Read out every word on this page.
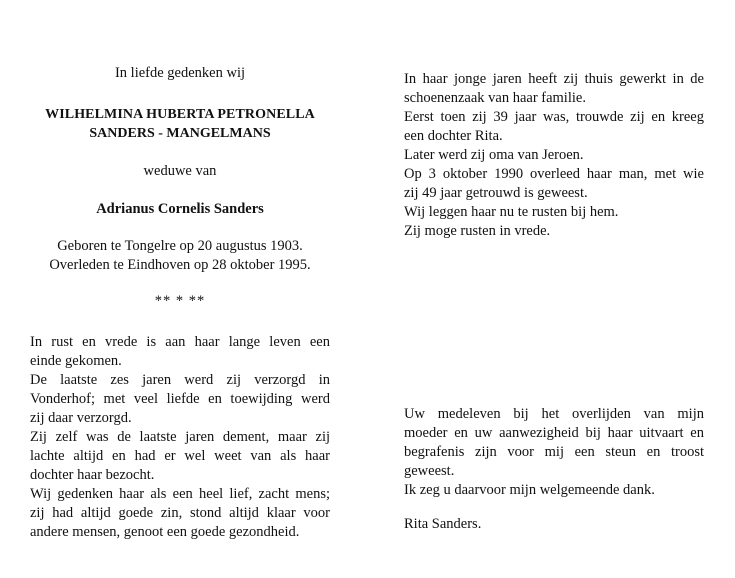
In liefde gedenken wij
WILHELMINA HUBERTA PETRONELLA
SANDERS - MANGELMANS
weduwe van
Adrianus Cornelis Sanders
Geboren te Tongelre op 20 augustus 1903.
Overleden te Eindhoven op 28 oktober 1995.
** * **
In rust en vrede is aan haar lange leven een
einde gekomen.
De laatste zes jaren werd zij verzorgd in
Vonderhof; met veel liefde en toewijding werd
zij daar verzorgd.
Zij zelf was de laatste jaren dement, maar zij
lachte altijd en had er wel weet van als haar
dochter haar bezocht.
Wij gedenken haar als een heel lief, zacht mens;
zij had altijd goede zin, stond altijd klaar voor
andere mensen, genoot een goede gezondheid.
In haar jonge jaren heeft zij thuis gewerkt in de
schoenenzaak van haar familie.
Eerst toen zij 39 jaar was, trouwde zij en kreeg
een dochter Rita.
Later werd zij oma van Jeroen.
Op 3 oktober 1990 overleed haar man, met wie
zij 49 jaar getrouwd is geweest.
Wij leggen haar nu te rusten bij hem.
Zij moge rusten in vrede.
Uw medeleven bij het overlijden van mijn
moeder en uw aanwezigheid bij haar uitvaart en
begrafenis zijn voor mij een steun en troost
geweest.
Ik zeg u daarvoor mijn welgemeende dank.
Rita Sanders.
